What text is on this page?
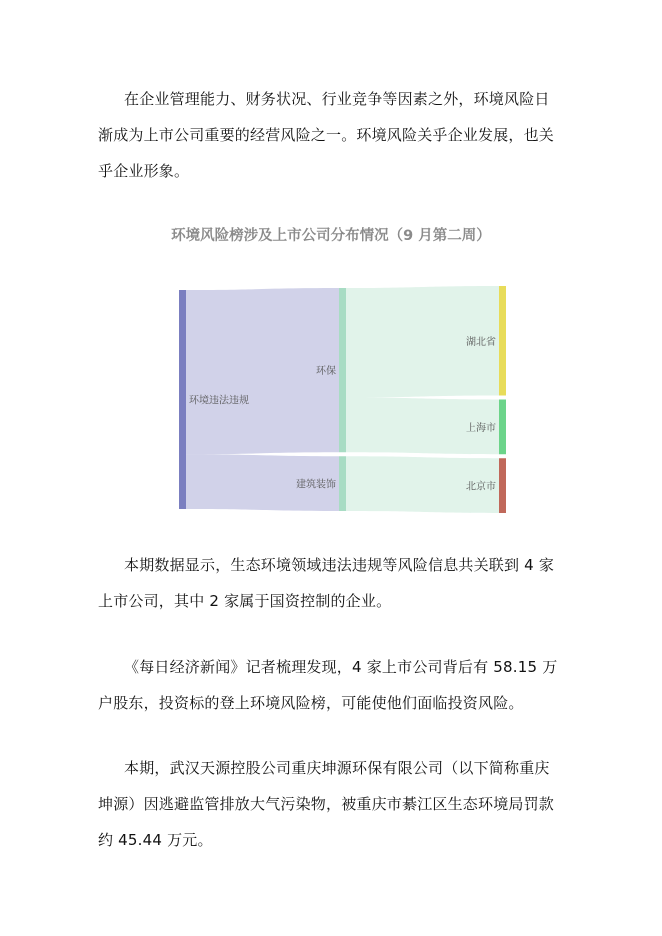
在企业管理能力、财务状况、行业竞争等因素之外，环境风险日渐成为上市公司重要的经营风险之一。环境风险关乎企业发展，也关乎企业形象。

环境风险榜涉及上市公司分布情况（9 月第二周）

环境违法违规
环保
建筑装饰
湖北省
上海市
北京市

本期数据显示，生态环境领域违法违规等风险信息共关联到 4 家上市公司，其中 2 家属于国资控制的企业。

《每日经济新闻》记者梳理发现，4 家上市公司背后有 58.15 万户股东，投资标的登上环境风险榜，可能使他们面临投资风险。

本期，武汉天源控股公司重庆坤源环保有限公司（以下简称重庆坤源）因逃避监管排放大气污染物，被重庆市綦江区生态环境局罚款约 45.44 万元。
